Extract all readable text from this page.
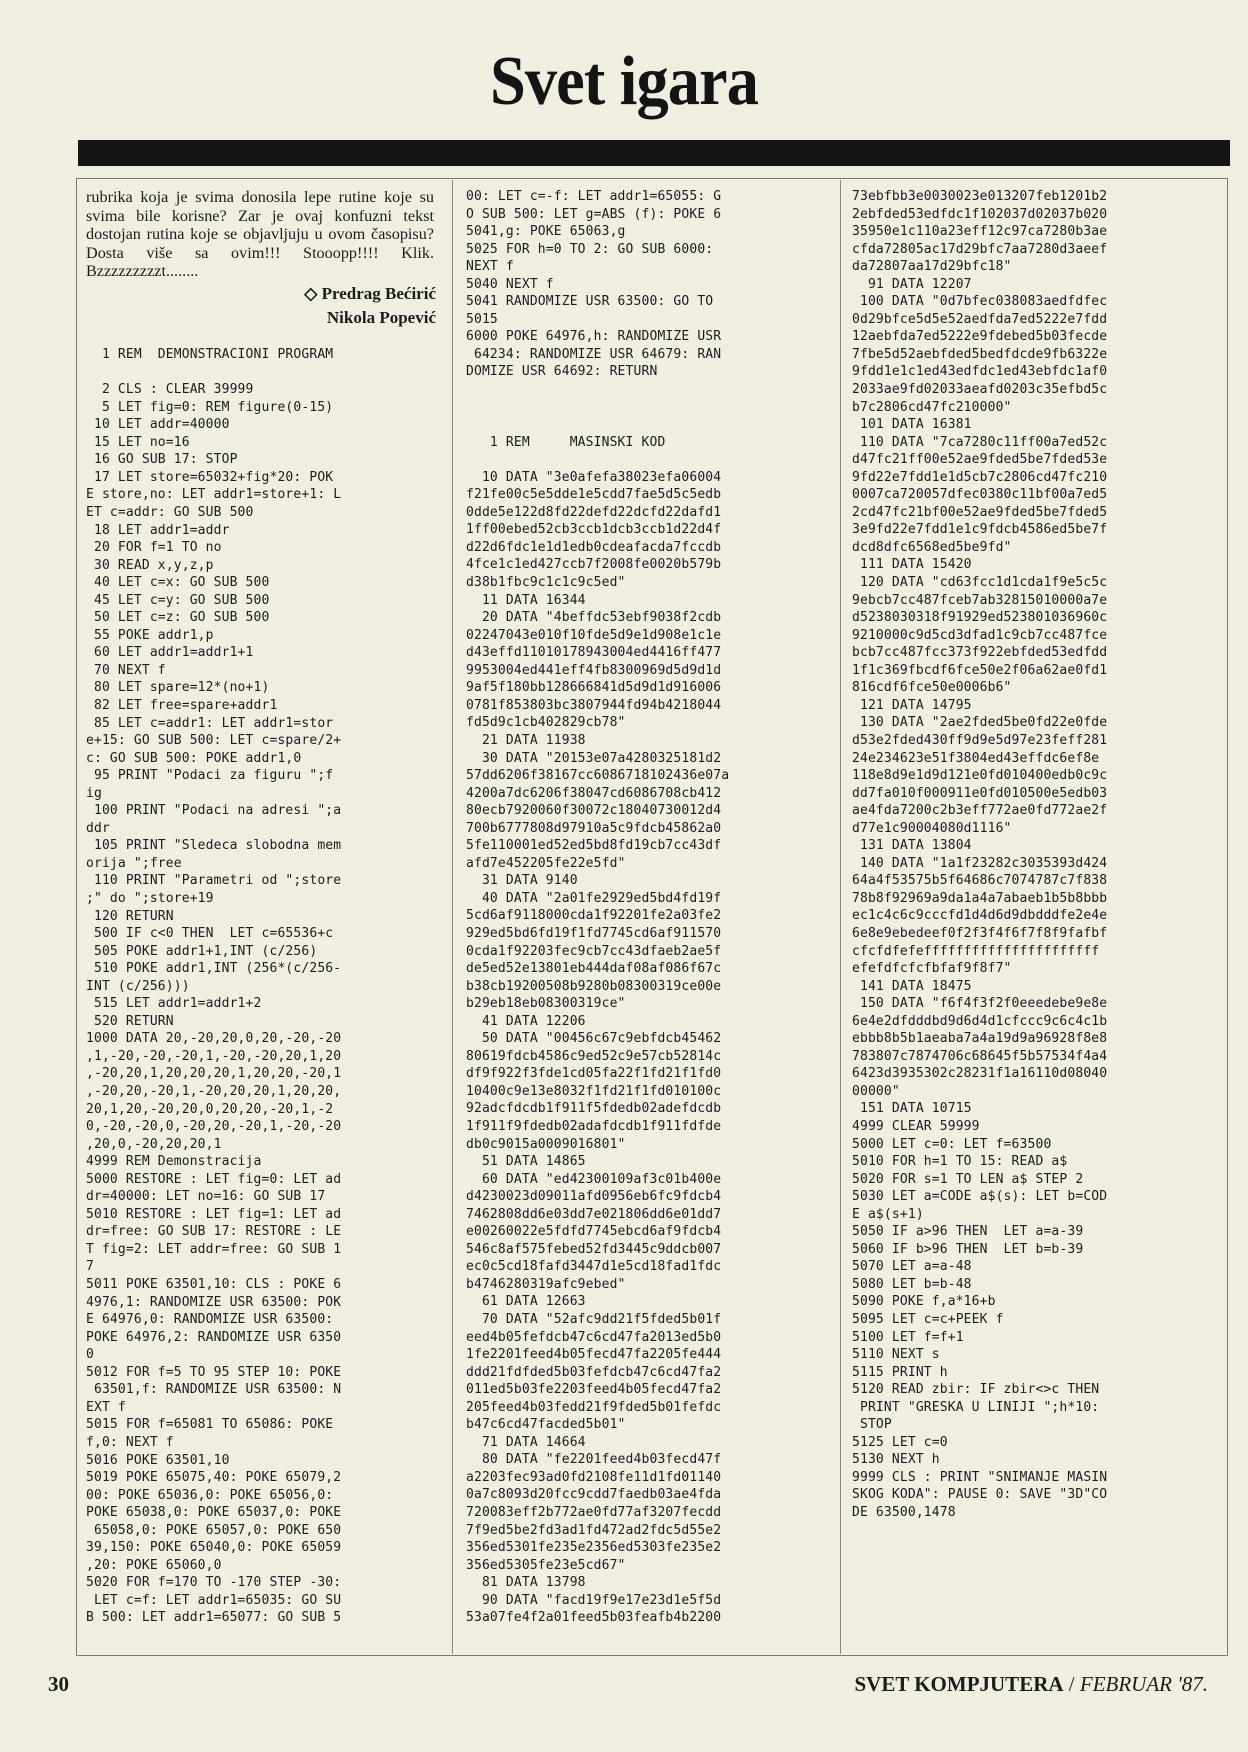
Svet igara

rubrika koja je svima donosila lepe rutine koje su svima bile korisne? Zar je ovaj konfuzni tekst dostojan rutina koje se objavljuju u ovom časopisu? Dosta više sa ovim!!! Stooopp!!!! Klik. Bzzzzzzzzzt........

◇ Predrag Bećirić
Nikola Popević

1 REM  DEMONSTRACIONI PROGRAM

2 CLS : CLEAR 39999
5 LET fig=0: REM figure(0-15)
10 LET addr=40000
15 LET no=16
16 GO SUB 17: STOP
17 LET store=65032+fig*20: POK
E store,no: LET addr1=store+1: L
ET c=addr: GO SUB 500
18 LET addr1=addr
20 FOR f=1 TO no
30 READ x,y,z,p
40 LET c=x: GO SUB 500
45 LET c=y: GO SUB 500
50 LET c=z: GO SUB 500
55 POKE addr1,p
60 LET addr1=addr1+1
70 NEXT f
80 LET spare=12*(no+1)
82 LET free=spare+addr1
85 LET c=addr1: LET addr1=stor
e+15: GO SUB 500: LET c=spare/2+
c: GO SUB 500: POKE addr1,0
95 PRINT "Podaci za figuru ";f
ig
100 PRINT "Podaci na adresi ";a
ddr
105 PRINT "Sledeca slobodna mem
orija ";free
110 PRINT "Parametri od ";store
;" do ";store+19
120 RETURN
500 IF c<0 THEN  LET c=65536+c
505 POKE addr1+1,INT (c/256)
510 POKE addr1,INT (256*(c/256-
INT (c/256)))
515 LET addr1=addr1+2
520 RETURN
1000 DATA 20,-20,20,0,20,-20,-20
,1,-20,-20,-20,1,-20,-20,20,1,20
,-20,20,1,20,20,20,1,20,20,-20,1
,-20,20,-20,1,-20,20,20,1,20,20,
20,1,20,-20,20,0,20,20,-20,1,-2
0,-20,-20,0,-20,20,-20,1,-20,-20
,20,0,-20,20,20,1
4999 REM Demonstracija
5000 RESTORE : LET fig=0: LET ad
dr=40000: LET no=16: GO SUB 17
5010 RESTORE : LET fig=1: LET ad
dr=free: GO SUB 17: RESTORE : LE
T fig=2: LET addr=free: GO SUB 1
7
5011 POKE 63501,10: CLS : POKE 6
4976,1: RANDOMIZE USR 63500: POK
E 64976,0: RANDOMIZE USR 63500:
POKE 64976,2: RANDOMIZE USR 6350
0
5012 FOR f=5 TO 95 STEP 10: POKE
63501,f: RANDOMIZE USR 63500: N
EXT f
5015 FOR f=65081 TO 65086: POKE
f,0: NEXT f
5016 POKE 63501,10
5019 POKE 65075,40: POKE 65079,2
00: POKE 65036,0: POKE 65056,0:
POKE 65038,0: POKE 65037,0: POKE
65058,0: POKE 65057,0: POKE 650
39,150: POKE 65040,0: POKE 65059
,20: POKE 65060,0
5020 FOR f=170 TO -170 STEP -30:
LET c=f: LET addr1=65035: GO SU
B 500: LET addr1=65077: GO SUB 5

00: LET c=-f: LET addr1=65055: G
O SUB 500: LET g=ABS (f): POKE 6
5041,g: POKE 65063,g
5025 FOR h=0 TO 2: GO SUB 6000:
NEXT f
5040 NEXT f
5041 RANDOMIZE USR 63500: GO TO
5015
6000 POKE 64976,h: RANDOMIZE USR
64234: RANDOMIZE USR 64679: RAN
DOMIZE USR 64692: RETURN

1 REM     MASINSKI KOD

10 DATA "3e0afefa38023efa06004
f21fe00c5e5dde1e5cdd7fae5d5c5edb
0dde5e122d8fd22defd22dcfd22dafd1
1ff00ebed52cb3ccb1dcb3ccb1d22d4f
d22d6fdc1e1d1edb0cdeafacda7fccdb
4fce1c1ed427ccb7f2008fe0020b579b
d38b1fbc9c1c1c9c5ed"
11 DATA 16344
20 DATA "4beffdc53ebf9038f2cdb
02247043e010f10fde5d9e1d908e1c1e
d43effd11010178943004ed4416ff477
9953004ed441eff4fb8300969d5d9d1d
9af5f180bb128666841d5d9d1d916006
0781f853803bc3807944fd94b4218044
fd5d9c1cb402829cb78"
21 DATA 11938
30 DATA "20153e07a4280325181d2
57dd6206f38167cc6086718102436e07a
4200a7dc6206f38047cd6086708cb412
80ecb7920060f30072c18040730012d4
700b6777808d97910a5c9fdcb45862a0
5fe110001ed52ed5bd8fd19cb7cc43df
afd7e452205fe22e5fd"
31 DATA 9140
40 DATA "2a01fe2929ed5bd4fd19f
5cd6af9118000cda1f92201fe2a03fe2
929ed5bd6fd19f1fd7745cd6af911570
0cda1f92203fec9cb7cc43dfaeb2ae5f
de5ed52e13801eb444daf08af086f67c
b38cb19200508b9280b08300319ce00e
b29eb18eb08300319ce"
41 DATA 12206
50 DATA "00456c67c9ebfdcb45462
80619fdcb4586c9ed52c9e57cb52814c
df9f922f3fde1cd05fa22f1fd21f1fd0
10400c9e13e8032f1fd21f1fd010100c
92adcfdcdb1f911f5fdedb02adefdcdb
1f911f9fdedb02adafdcdb1f911fdfde
db0c9015a0009016801"
51 DATA 14865
60 DATA "ed42300109af3c01b400e
d4230023d09011afd0956eb6fc9fdcb4
7462808dd6e03dd7e021806dd6e01dd7
e00260022e5fdfd7745ebcd6af9fdcb4
546c8af575febed52fd3445c9ddcb007
ec0c5cd18fafd3447d1e5cd18fad1fdc
b4746280319afc9ebed"
61 DATA 12663
70 DATA "52afc9dd21f5fded5b01f
eed4b05fefdcb47c6cd47fa2013ed5b0
1fe2201feed4b05fecd47fa2205fe444
ddd21fdfded5b03fefdcb47c6cd47fa2
011ed5b03fe2203feed4b05fecd47fa2
205feed4b03fedd21f9fded5b01fefdc
b47c6cd47facded5b01"
71 DATA 14664
80 DATA "fe2201feed4b03fecd47f
a2203fec93ad0fd2108fe11d1fd01140
0a7c8093d20fcc9cdd7faedb03ae4fda
720083eff2b772ae0fd77af3207fecdd
7f9ed5be2fd3ad1fd472ad2fdc5d55e2
356ed5301fe235e2356ed5303fe235e2
356ed5305fe23e5cd67"
81 DATA 13798
90 DATA "facd19f9e17e23d1e5f5d
53a07fe4f2a01feed5b03feafb4b2200

73ebfbb3e0030023e013207feb1201b2
2ebfded53edfdc1f102037d02037b020
35950e1c110a23eff12c97ca7280b3ae
cfda72805ac17d29bfc7aa7280d3aeef
da72807aa17d29bfc18"
91 DATA 12207
100 DATA "0d7bfec038083aedfdfec
0d29bfce5d5e52aedfda7ed5222e7fdd
12aebfda7ed5222e9fdebed5b03fecde
7fbe5d52aebfded5bedfdcde9fb6322e
9fdd1e1c1ed43edfdc1ed43ebfdc1af0
2033ae9fd02033aeafd0203c35efbd5c
b7c2806cd47fc210000"
101 DATA 16381
110 DATA "7ca7280c11ff00a7ed52c
d47fc21ff00e52ae9fded5be7fded53e
9fd22e7fdd1e1d5cb7c2806cd47fc210
0007ca720057dfec0380c11bf00a7ed5
2cd47fc21bf00e52ae9fded5be7fded5
3e9fd22e7fdd1e1c9fdcb4586ed5be7f
dcd8dfc6568ed5be9fd"
111 DATA 15420
120 DATA "cd63fcc1d1cda1f9e5c5c
9ebcb7cc487fceb7ab32815010000a7e
d5238030318f91929ed523801036960c
9210000c9d5cd3dfad1c9cb7cc487fce
bcb7cc487fcc373f922ebfded53edfdd
1f1c369fbcdf6fce50e2f06a62ae0fd1
816cdf6fce50e0006b6"
121 DATA 14795
130 DATA "2ae2fded5be0fd22e0fde
d53e2fded430ff9d9e5d97e23feff281
24e234623e51f3804ed43effdc6ef8e
118e8d9e1d9d121e0fd010400edb0c9c
dd7fa010f000911e0fd010500e5edb03
ae4fda7200c2b3eff772ae0fd772ae2f
d77e1c90004080d1116"
131 DATA 13804
140 DATA "1a1f23282c3035393d424
64a4f53575b5f64686c7074787c7f838
78b8f92969a9da1a4a7abaeb1b5b8bbb
ec1c4c6c9cccfd1d4d6d9dbdddfe2e4e
6e8e9ebedeef0f2f3f4f6f7f8f9fafbf
cfcfdfefeffffffffffffffffffffff
efefdfcfcfbfaf9f8f7"
141 DATA 18475
150 DATA "f6f4f3f2f0eeedebe9e8e
6e4e2dfdddbd9d6d4d1cfccc9c6c4c1b
ebbb8b5b1aeaba7a4a19d9a96928f8e8
783807c7874706c68645f5b57534f4a4
6423d3935302c28231f1a16110d08040
00000"
151 DATA 10715
4999 CLEAR 59999
5000 LET c=0: LET f=63500
5010 FOR h=1 TO 15: READ a$
5020 FOR s=1 TO LEN a$ STEP 2
5030 LET a=CODE a$(s): LET b=COD
E a$(s+1)
5050 IF a>96 THEN  LET a=a-39
5060 IF b>96 THEN  LET b=b-39
5070 LET a=a-48
5080 LET b=b-48
5090 POKE f,a*16+b
5095 LET c=c+PEEK f
5100 LET f=f+1
5110 NEXT s
5115 PRINT h
5120 READ zbir: IF zbir<>c THEN
PRINT "GRESKA U LINIJI ";h*10:
STOP
5125 LET c=0
5130 NEXT h
9999 CLS : PRINT "SNIMANJE MASIN
SKOG KODA": PAUSE 0: SAVE "3D"CO
DE 63500,1478

30	SVET KOMPJUTERA / FEBRUAR '87.
